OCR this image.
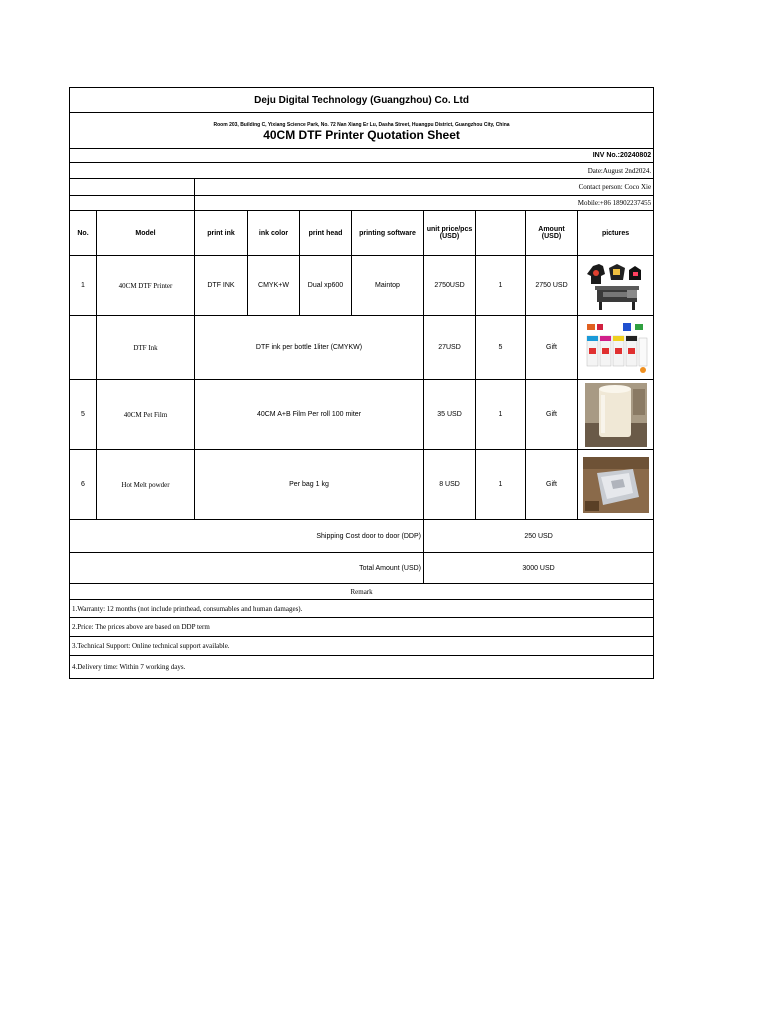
Deju Digital Technology (Guangzhou) Co. Ltd									

Room 203, Building C, Yixiang Science Park, No. 72 Nan Xiang Er Lu, Dasha Street, Huangpu District, Guangzhou City, China
40CM DTF Printer Quotation Sheet									

INV No.:20240802									
Date:August 2nd2024.									
		Contact person: Coco Xie							
		Mobile:+86 18902237455							
No.	Model	print ink	ink color	print head	printing software	unit price/pcs (USD)		Amount (USD)	pictures
1	40CM DTF Printer	DTF INK	CMYK+W	Dual xp600	Maintop	2750USD	1	2750 USD	

	DTF Ink	DTF ink per bottle 1liter (CMYKW)				27USD	5	Gift	

5	40CM Pet Film	40CM A+B Film Per roll 100 miter				35 USD	1	Gift	

6	Hot Melt powder	Per bag 1 kg				8 USD	1	Gift	

Shipping Cost door to door (DDP)						250 USD			
Total Amount (USD)						3000 USD			
Remark									
1.Warranty: 12 months (not include printhead, consumables and human damages).									
2.Price: The prices above are based on DDP term									
3.Technical Support: Online technical support available.									
4.Delivery time: Within 7 working days.									
